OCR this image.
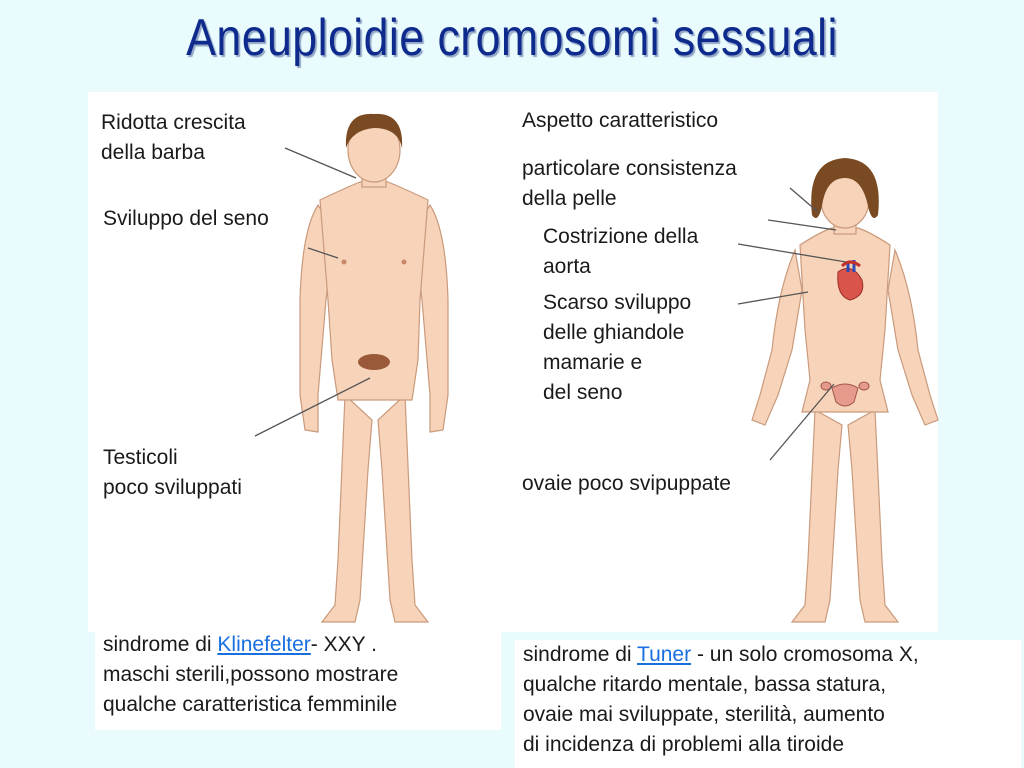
Aneuploidie cromosomi sessuali
Ridotta crescita
della barba
Sviluppo del seno
Testicoli
poco sviluppati
Aspetto caratteristico
particolare consistenza
della pelle
Costrizione della
aorta
Scarso sviluppo
delle ghiandole
mamarie e
del seno
ovaie poco svipuppate
sindrome di Klinefelter- XXY .
maschi sterili,possono mostrare
qualche caratteristica femminile
sindrome di Tuner - un solo cromosoma X,
qualche ritardo mentale, bassa statura,
ovaie mai sviluppate, sterilità, aumento
di incidenza di problemi alla tiroide
